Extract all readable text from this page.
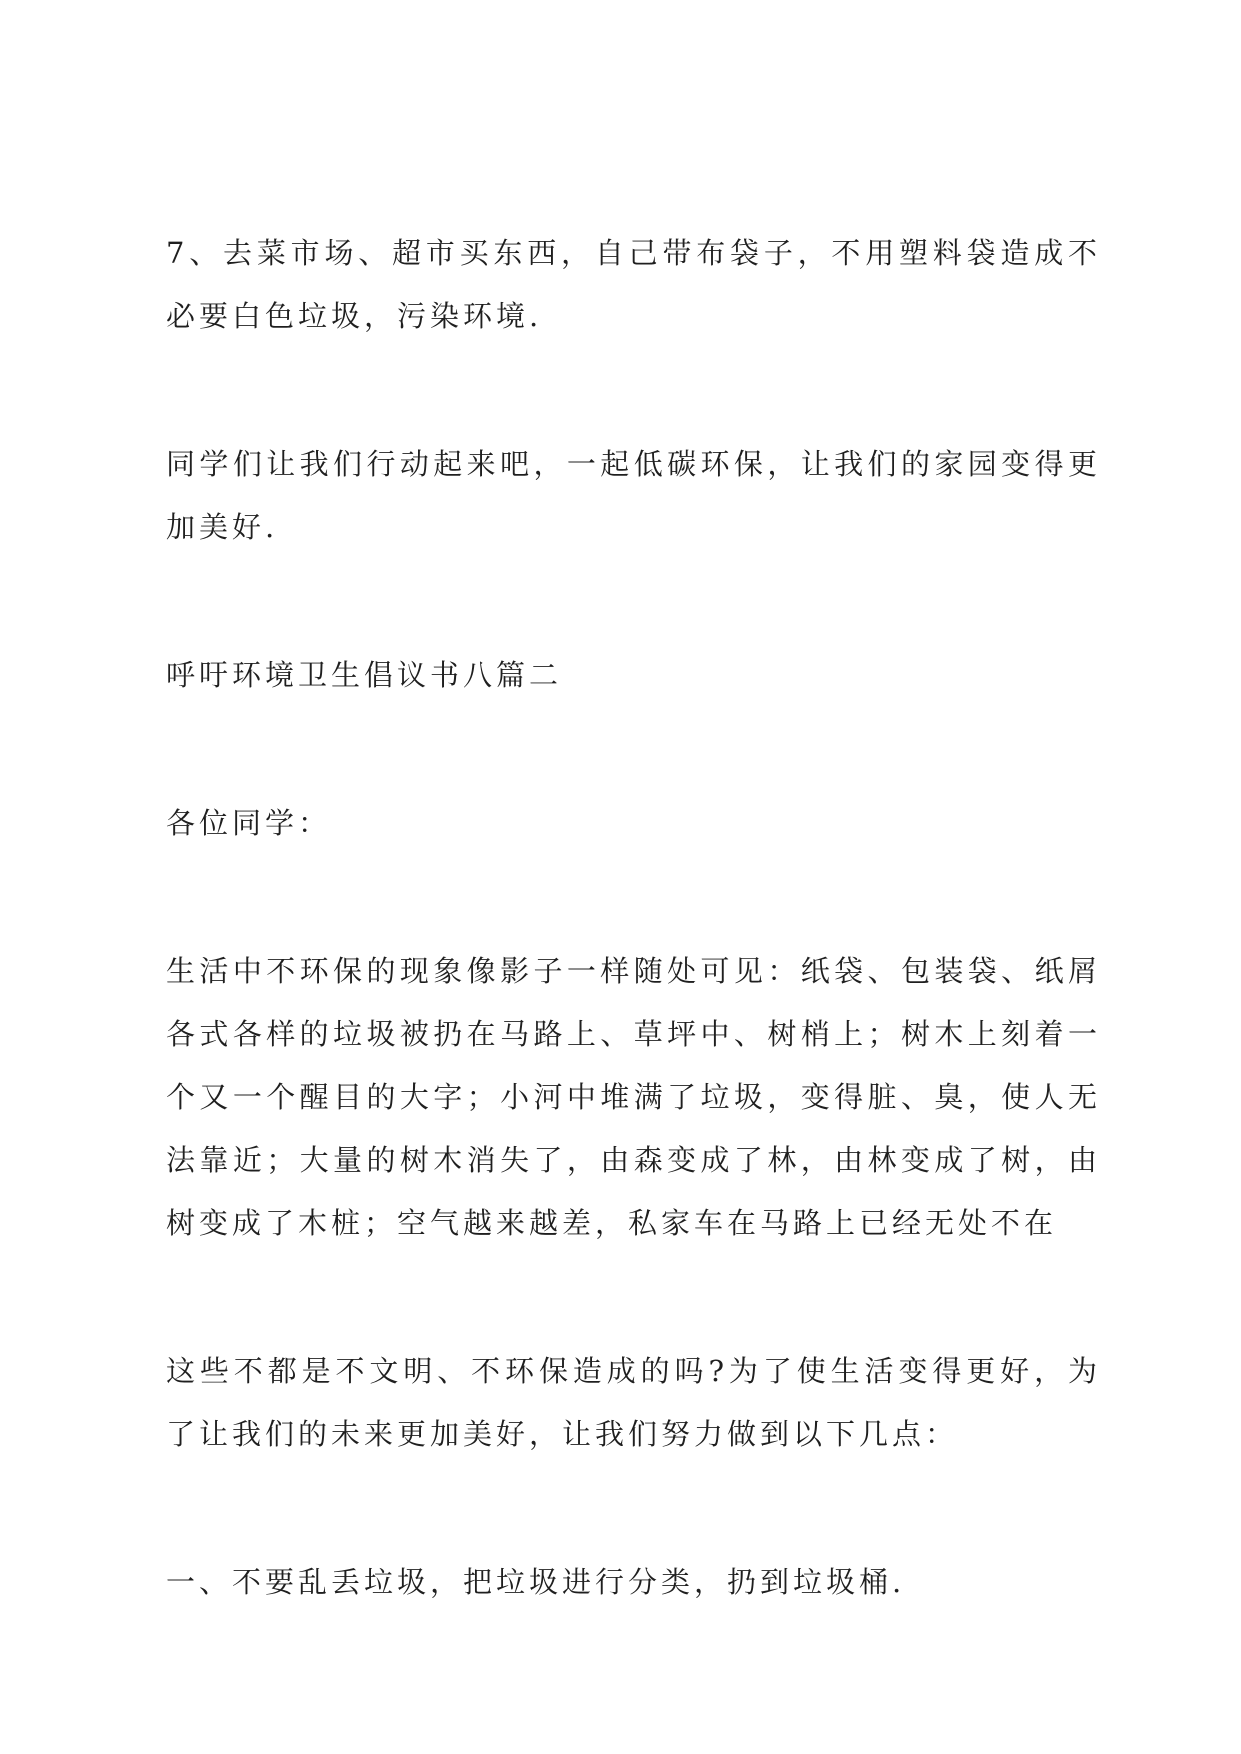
7、去菜市场、超市买东西，自己带布袋子，不用塑料袋造成不必要白色垃圾，污染环境.

同学们让我们行动起来吧，一起低碳环保，让我们的家园变得更加美好.

呼吁环境卫生倡议书八篇二

各位同学：

生活中不环保的现象像影子一样随处可见：纸袋、包装袋、纸屑各式各样的垃圾被扔在马路上、草坪中、树梢上；树木上刻着一个又一个醒目的大字；小河中堆满了垃圾，变得脏、臭，使人无法靠近；大量的树木消失了，由森变成了林，由林变成了树，由树变成了木桩；空气越来越差，私家车在马路上已经无处不在

这些不都是不文明、不环保造成的吗?为了使生活变得更好，为了让我们的未来更加美好，让我们努力做到以下几点：

一、不要乱丢垃圾，把垃圾进行分类，扔到垃圾桶.
